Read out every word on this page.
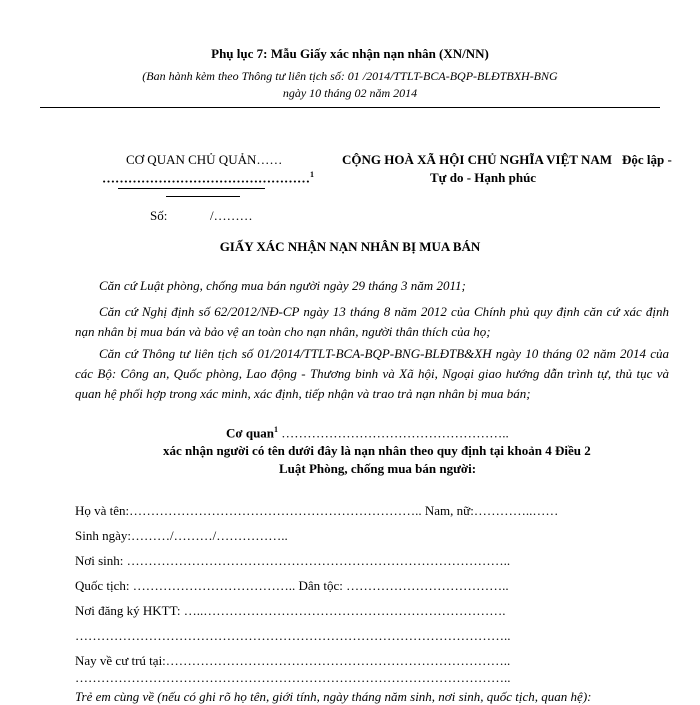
Phụ lục 7: Mẫu Giấy xác nhận nạn nhân (XN/NN)
(Ban hành kèm theo Thông tư liên tịch số: 01 /2014/TTLT-BCA-BQP-BLĐTBXH-BNG
ngày 10 tháng 02 năm 2014
CƠ QUAN CHỦ QUẢN……
…………………………………………$^1$
CỘNG HOÀ XÃ HỘI CHỦ NGHĨA VIỆT NAM Độc lập -
Tự do - Hạnh phúc
Số:	/………
GIẤY XÁC NHẬN NẠN NHÂN BỊ MUA BÁN
Căn cứ Luật phòng, chống mua bán người ngày 29 tháng 3 năm 2011;
Căn cứ Nghị định số 62/2012/NĐ-CP ngày 13 tháng 8 năm 2012 của Chính phủ quy định căn cứ xác định nạn nhân bị mua bán và bảo vệ an toàn cho nạn nhân, người thân thích của họ;
Căn cứ Thông tư liên tịch số 01/2014/TTLT-BCA-BQP-BNG-BLĐTB&XH ngày 10 tháng 02 năm 2014 của các Bộ: Công an, Quốc phòng, Lao động - Thương binh và Xã hội, Ngoại giao hướng dẫn trình tự, thủ tục và quan hệ phối hợp trong xác minh, xác định, tiếp nhận và trao trả nạn nhân bị mua bán;
Cơ quan$^1$ ……………………………………………..
xác nhận người có tên dưới đây là nạn nhân theo quy định tại khoản 4 Điều 2
Luật Phòng, chống mua bán người:
Họ và tên:………………………………………………………….. Nam, nữ:…………..……
Sinh ngày:………/………/……………..
Nơi sinh: ……………………………………………………………………………..
Quốc tịch: ……………………………….. Dân tộc: ………………………………..
Nơi đăng ký HKTT: …..…………………………………………………………….
………………………………………………………………………………………..
Nay về cư trú tại:……………………………………………………………………..
………………………………………………………………………………………..
Trẻ em cùng về (nếu có ghi rõ họ tên, giới tính, ngày tháng năm sinh, nơi sinh, quốc tịch, quan hệ):
